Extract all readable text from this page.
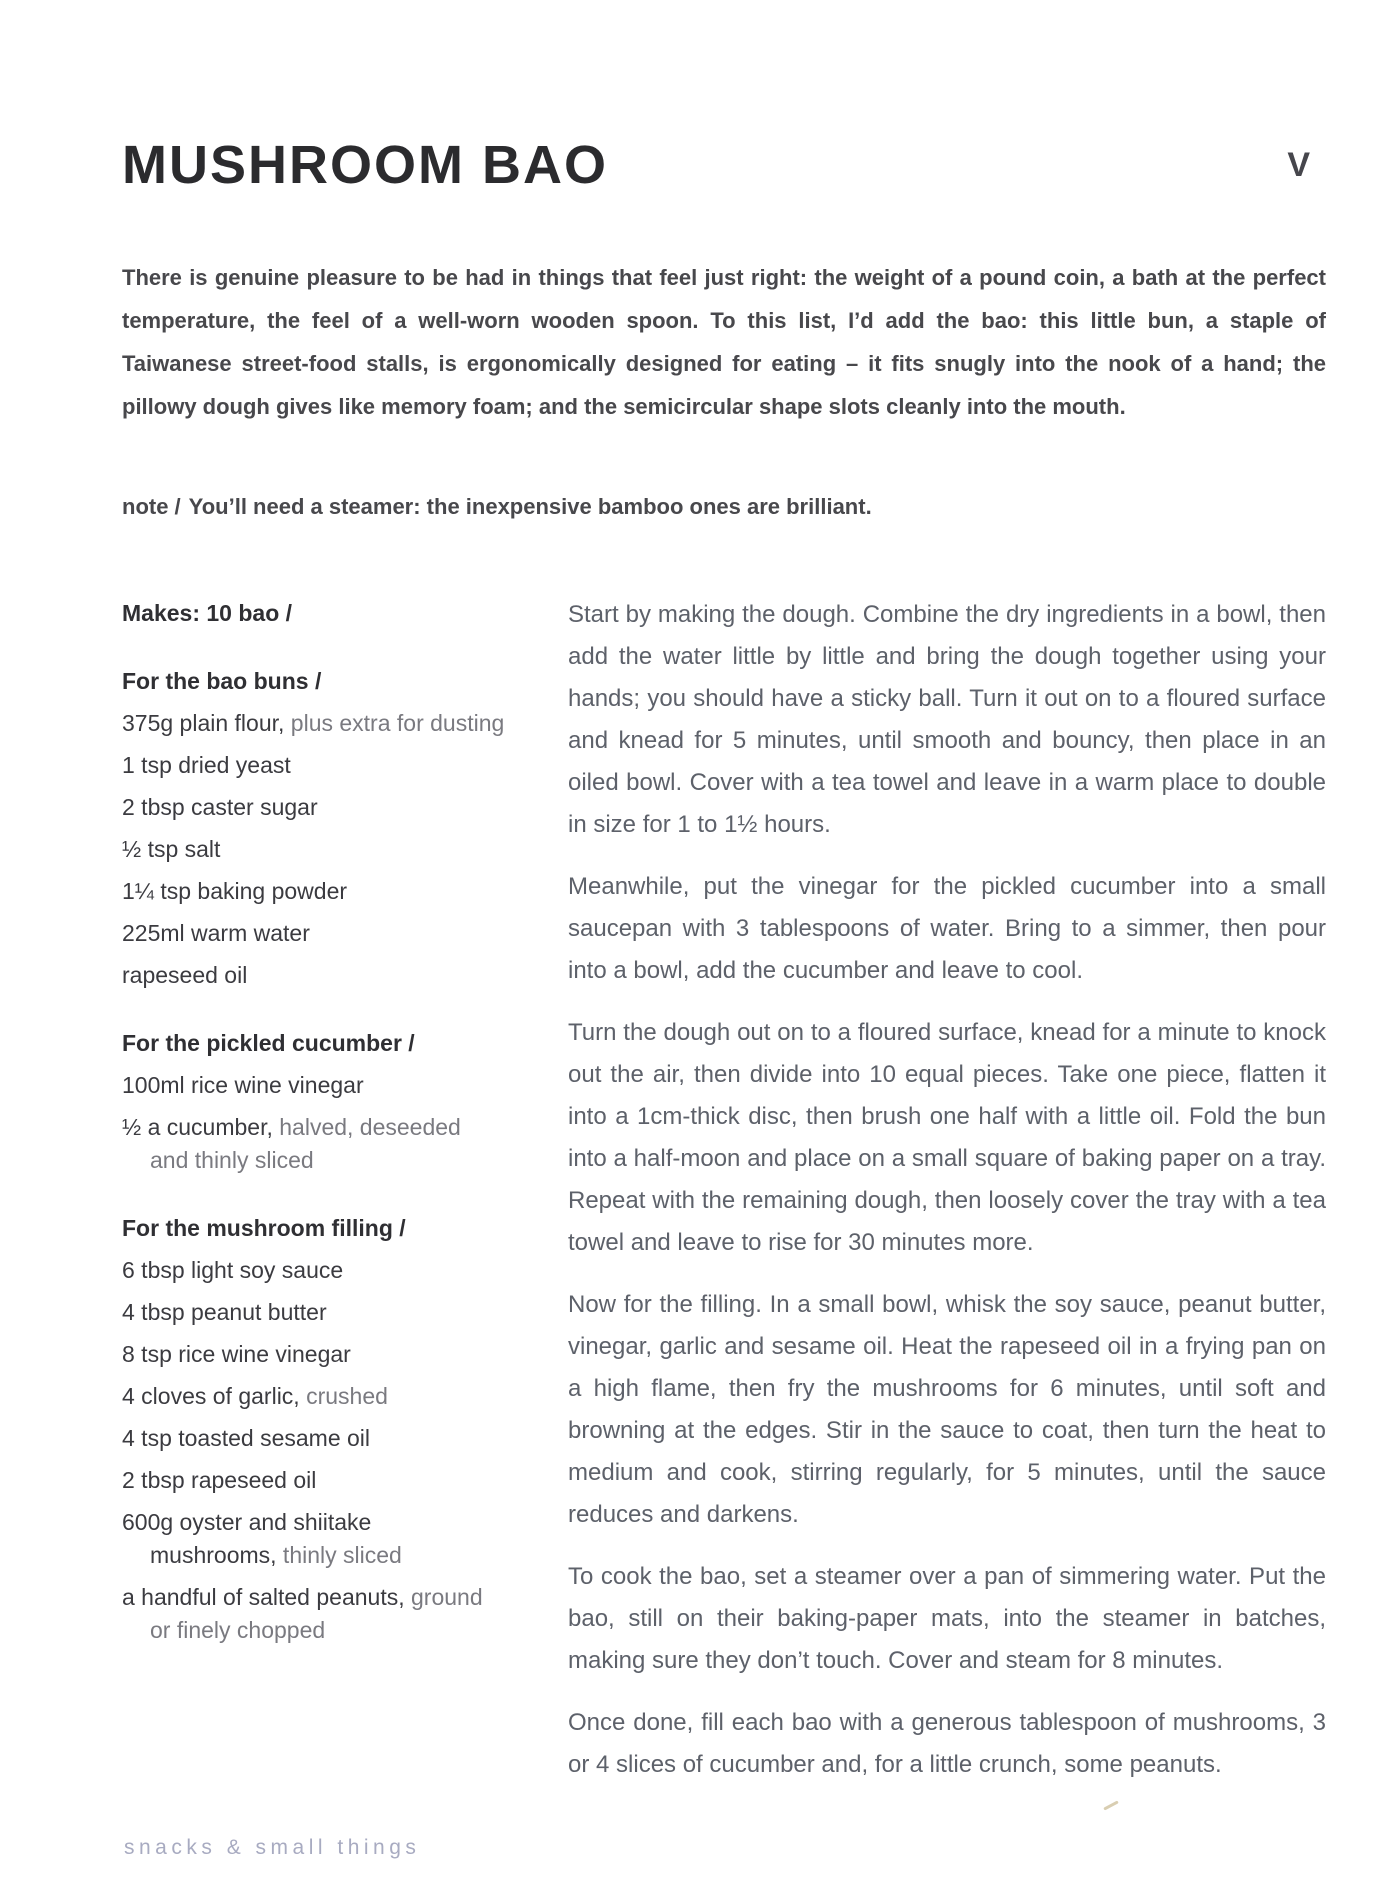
MUSHROOM BAO	V

There is genuine pleasure to be had in things that feel just right: the weight of a pound coin, a bath at the perfect temperature, the feel of a well-worn wooden spoon. To this list, I’d add the bao: this little bun, a staple of Taiwanese street-food stalls, is ergonomically designed for eating – it fits snugly into the nook of a hand; the pillowy dough gives like memory foam; and the semicircular shape slots cleanly into the mouth.

note / You’ll need a steamer: the inexpensive bamboo ones are brilliant.

Makes: 10 bao /

For the bao buns /
375g plain flour, plus extra for dusting
1 tsp dried yeast
2 tbsp caster sugar
½ tsp salt
1¼ tsp baking powder
225ml warm water
rapeseed oil
For the pickled cucumber /
100ml rice wine vinegar
½ a cucumber, halved, deseeded
and thinly sliced
For the mushroom filling /
6 tbsp light soy sauce
4 tbsp peanut butter
8 tsp rice wine vinegar
4 cloves of garlic, crushed
4 tsp toasted sesame oil
2 tbsp rapeseed oil
600g oyster and shiitake
mushrooms, thinly sliced
a handful of salted peanuts, ground
or finely chopped

Start by making the dough. Combine the dry ingredients in a bowl, then add the water little by little and bring the dough together using your hands; you should have a sticky ball. Turn it out on to a floured surface and knead for 5 minutes, until smooth and bouncy, then place in an oiled bowl. Cover with a tea towel and leave in a warm place to double in size for 1 to 1½ hours.

Meanwhile, put the vinegar for the pickled cucumber into a small saucepan with 3 tablespoons of water. Bring to a simmer, then pour into a bowl, add the cucumber and leave to cool.

Turn the dough out on to a floured surface, knead for a minute to knock out the air, then divide into 10 equal pieces. Take one piece, flatten it into a 1cm-thick disc, then brush one half with a little oil. Fold the bun into a half-moon and place on a small square of baking paper on a tray. Repeat with the remaining dough, then loosely cover the tray with a tea towel and leave to rise for 30 minutes more.

Now for the filling. In a small bowl, whisk the soy sauce, peanut butter, vinegar, garlic and sesame oil. Heat the rapeseed oil in a frying pan on a high flame, then fry the mushrooms for 6 minutes, until soft and browning at the edges. Stir in the sauce to coat, then turn the heat to medium and cook, stirring regularly, for 5 minutes, until the sauce reduces and darkens.

To cook the bao, set a steamer over a pan of simmering water. Put the bao, still on their baking-paper mats, into the steamer in batches, making sure they don’t touch. Cover and steam for 8 minutes.

Once done, fill each bao with a generous tablespoon of mushrooms, 3 or 4 slices of cucumber and, for a little crunch, some peanuts.

snacks & small things
